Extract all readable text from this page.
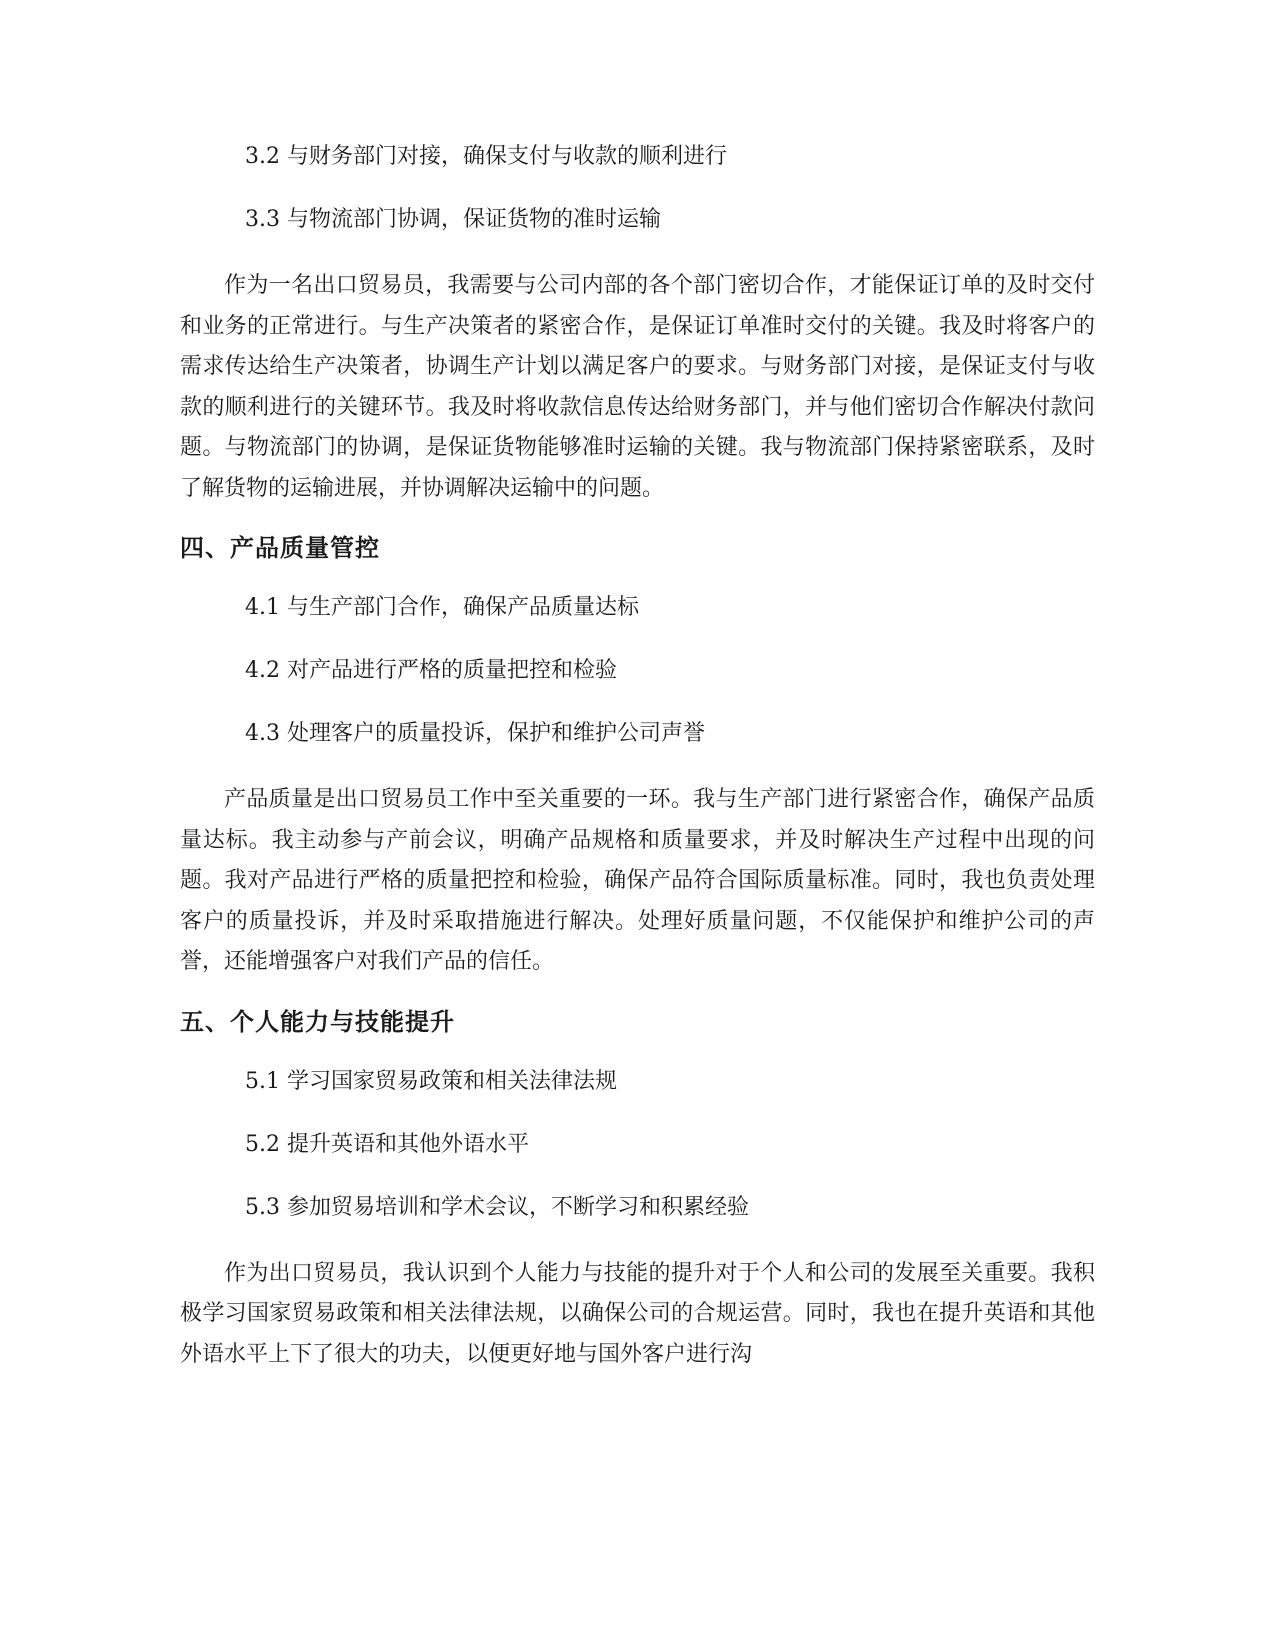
3.2 与财务部门对接，确保支付与收款的顺利进行
3.3 与物流部门协调，保证货物的准时运输

作为一名出口贸易员，我需要与公司内部的各个部门密切合作，才能保证订单的及时交付和业务的正常进行。与生产决策者的紧密合作，是保证订单准时交付的关键。我及时将客户的需求传达给生产决策者，协调生产计划以满足客户的要求。与财务部门对接，是保证支付与收款的顺利进行的关键环节。我及时将收款信息传达给财务部门，并与他们密切合作解决付款问题。与物流部门的协调，是保证货物能够准时运输的关键。我与物流部门保持紧密联系，及时了解货物的运输进展，并协调解决运输中的问题。

四、产品质量管控
4.1 与生产部门合作，确保产品质量达标
4.2 对产品进行严格的质量把控和检验
4.3 处理客户的质量投诉，保护和维护公司声誉

产品质量是出口贸易员工作中至关重要的一环。我与生产部门进行紧密合作，确保产品质量达标。我主动参与产前会议，明确产品规格和质量要求，并及时解决生产过程中出现的问题。我对产品进行严格的质量把控和检验，确保产品符合国际质量标准。同时，我也负责处理客户的质量投诉，并及时采取措施进行解决。处理好质量问题，不仅能保护和维护公司的声誉，还能增强客户对我们产品的信任。

五、个人能力与技能提升
5.1 学习国家贸易政策和相关法律法规
5.2 提升英语和其他外语水平
5.3 参加贸易培训和学术会议，不断学习和积累经验

作为出口贸易员，我认识到个人能力与技能的提升对于个人和公司的发展至关重要。我积极学习国家贸易政策和相关法律法规，以确保公司的合规运营。同时，我也在提升英语和其他外语水平上下了很大的功夫，以便更好地与国外客户进行沟
